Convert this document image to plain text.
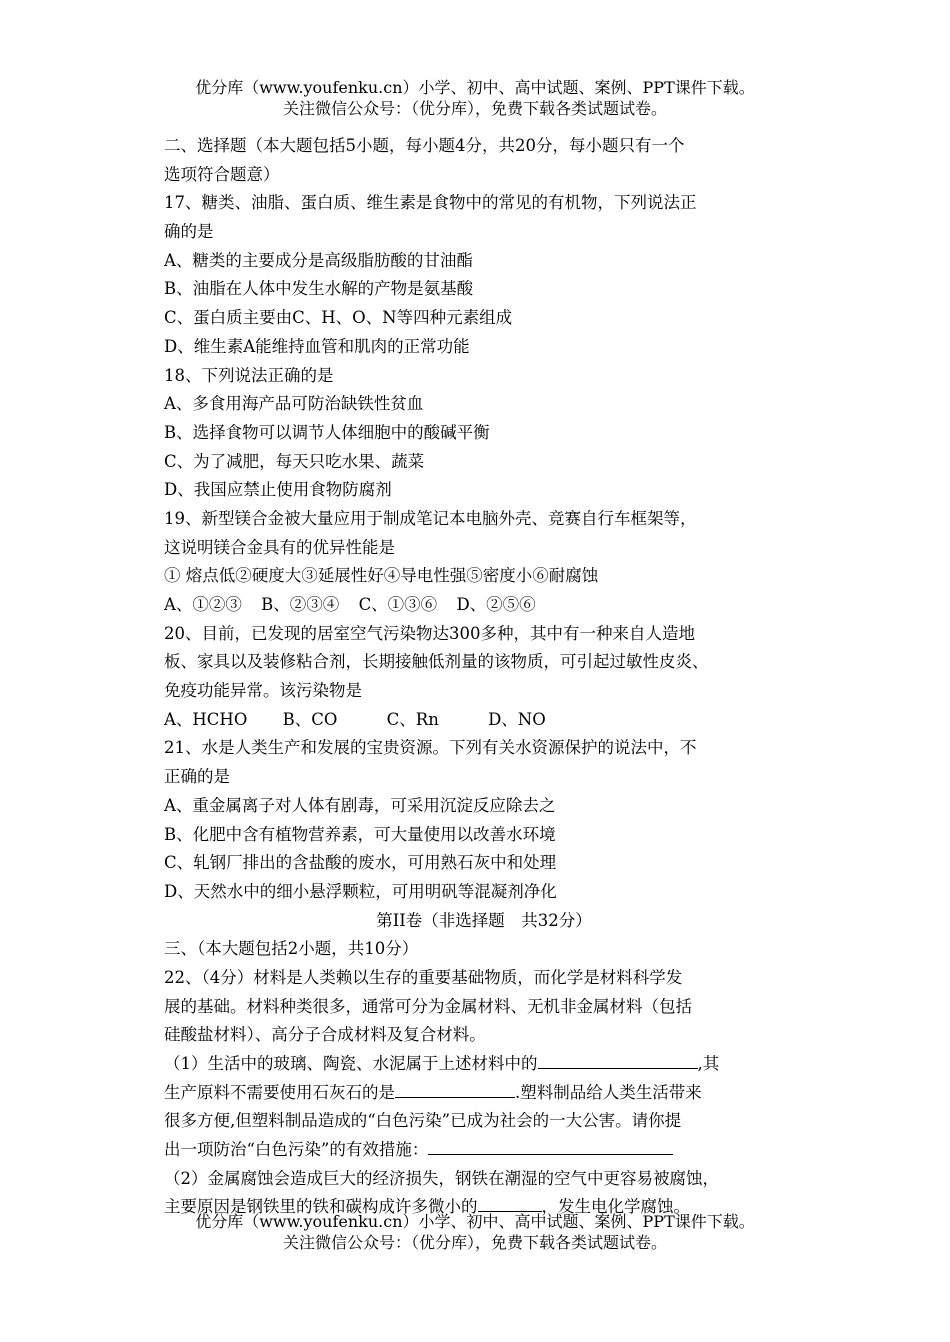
优分库（www.youfenku.cn）小学、初中、高中试题、案例、PPT课件下载。
关注微信公众号：（优分库），免费下载各类试题试卷。
二、选择题（本大题包括5小题，每小题4分，共20分，每小题只有一个
选项符合题意）
17、糖类、油脂、蛋白质、维生素是食物中的常见的有机物，下列说法正
确的是
A、糖类的主要成分是高级脂肪酸的甘油酯
B、油脂在人体中发生水解的产物是氨基酸
C、蛋白质主要由C、H、O、N等四种元素组成
D、维生素A能维持血管和肌肉的正常功能
18、下列说法正确的是
A、多食用海产品可防治缺铁性贫血
B、选择食物可以调节人体细胞中的酸碱平衡
C、为了减肥，每天只吃水果、蔬菜
D、我国应禁止使用食物防腐剂
19、新型镁合金被大量应用于制成笔记本电脑外壳、竞赛自行车框架等，
这说明镁合金具有的优异性能是
① 熔点低②硬度大③延展性好④导电性强⑤密度小⑥耐腐蚀
A、①②③ B、②③④ C、①③⑥ D、②⑤⑥
20、目前，已发现的居室空气污染物达300多种，其中有一种来自人造地
板、家具以及装修粘合剂，长期接触低剂量的该物质，可引起过敏性皮炎、
免疫功能异常。该污染物是
A、HCHO B、CO	C、Rn	D、NO
21、水是人类生产和发展的宝贵资源。下列有关水资源保护的说法中，不
正确的是
A、重金属离子对人体有剧毒，可采用沉淀反应除去之
B、化肥中含有植物营养素，可大量使用以改善水环境
C、轧钢厂排出的含盐酸的废水，可用熟石灰中和处理
D、天然水中的细小悬浮颗粒，可用明矾等混凝剂净化
第II卷（非选择题　共32分）
三、（本大题包括2小题，共10分）
22、（4分）材料是人类赖以生存的重要基础物质，而化学是材料科学发
展的基础。材料种类很多，通常可分为金属材料、无机非金属材料（包括
硅酸盐材料）、高分子合成材料及复合材料。
（1）生活中的玻璃、陶瓷、水泥属于上述材料中的	,其
生产原料不需要使用石灰石的是	.塑料制品给人类生活带来
很多方便,但塑料制品造成的“白色污染”已成为社会的一大公害。请你提
出一项防治“白色污染”的有效措施：
（2）金属腐蚀会造成巨大的经济损失，钢铁在潮湿的空气中更容易被腐蚀，
主要原因是钢铁里的铁和碳构成许多微小的	，发生电化学腐蚀。
优分库（www.youfenku.cn）小学、初中、高中试题、案例、PPT课件下载。
关注微信公众号：（优分库），免费下载各类试题试卷。
